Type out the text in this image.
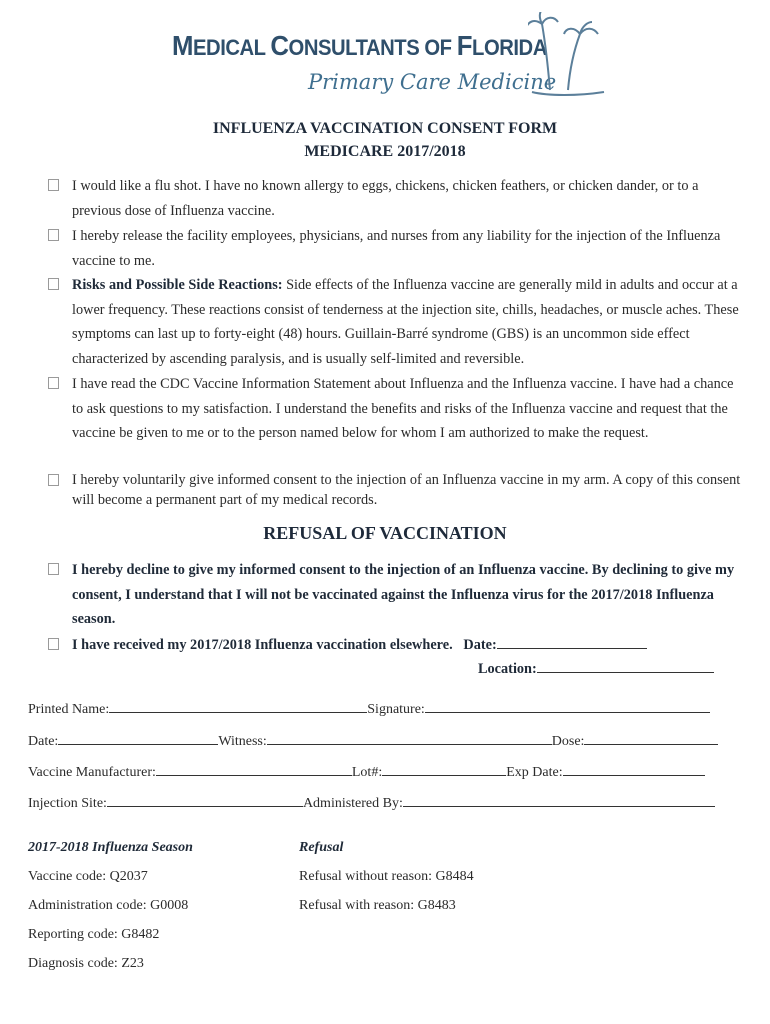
MEDICAL CONSULTANTS OF FLORIDA
Primary Care Medicine
INFLUENZA VACCINATION CONSENT FORM
MEDICARE 2017/2018
I would like a flu shot. I have no known allergy to eggs, chickens, chicken feathers, or chicken dander, or to a previous dose of Influenza vaccine.
I hereby release the facility employees, physicians, and nurses from any liability for the injection of the Influenza vaccine to me.
Risks and Possible Side Reactions: Side effects of the Influenza vaccine are generally mild in adults and occur at a lower frequency. These reactions consist of tenderness at the injection site, chills, headaches, or muscle aches. These symptoms can last up to forty-eight (48) hours. Guillain-Barré syndrome (GBS) is an uncommon side effect characterized by ascending paralysis, and is usually self-limited and reversible.
I have read the CDC Vaccine Information Statement about Influenza and the Influenza vaccine. I have had a chance to ask questions to my satisfaction. I understand the benefits and risks of the Influenza vaccine and request that the vaccine be given to me or to the person named below for whom I am authorized to make the request.
I hereby voluntarily give informed consent to the injection of an Influenza vaccine in my arm. A copy of this consent will become a permanent part of my medical records.
REFUSAL OF VACCINATION
I hereby decline to give my informed consent to the injection of an Influenza vaccine. By declining to give my consent, I understand that I will not be vaccinated against the Influenza virus for the 2017/2018 Influenza season.
I have received my 2017/2018 Influenza vaccination elsewhere. Date:
Location:
Printed Name:	Signature:
Date:	Witness:	Dose:
Vaccine Manufacturer:	Lot#:	Exp Date:
Injection Site:	Administered By:
2017-2018 Influenza Season
Vaccine code: Q2037
Administration code: G0008
Reporting code: G8482
Diagnosis code: Z23
Refusal
Refusal without reason: G8484
Refusal with reason: G8483
